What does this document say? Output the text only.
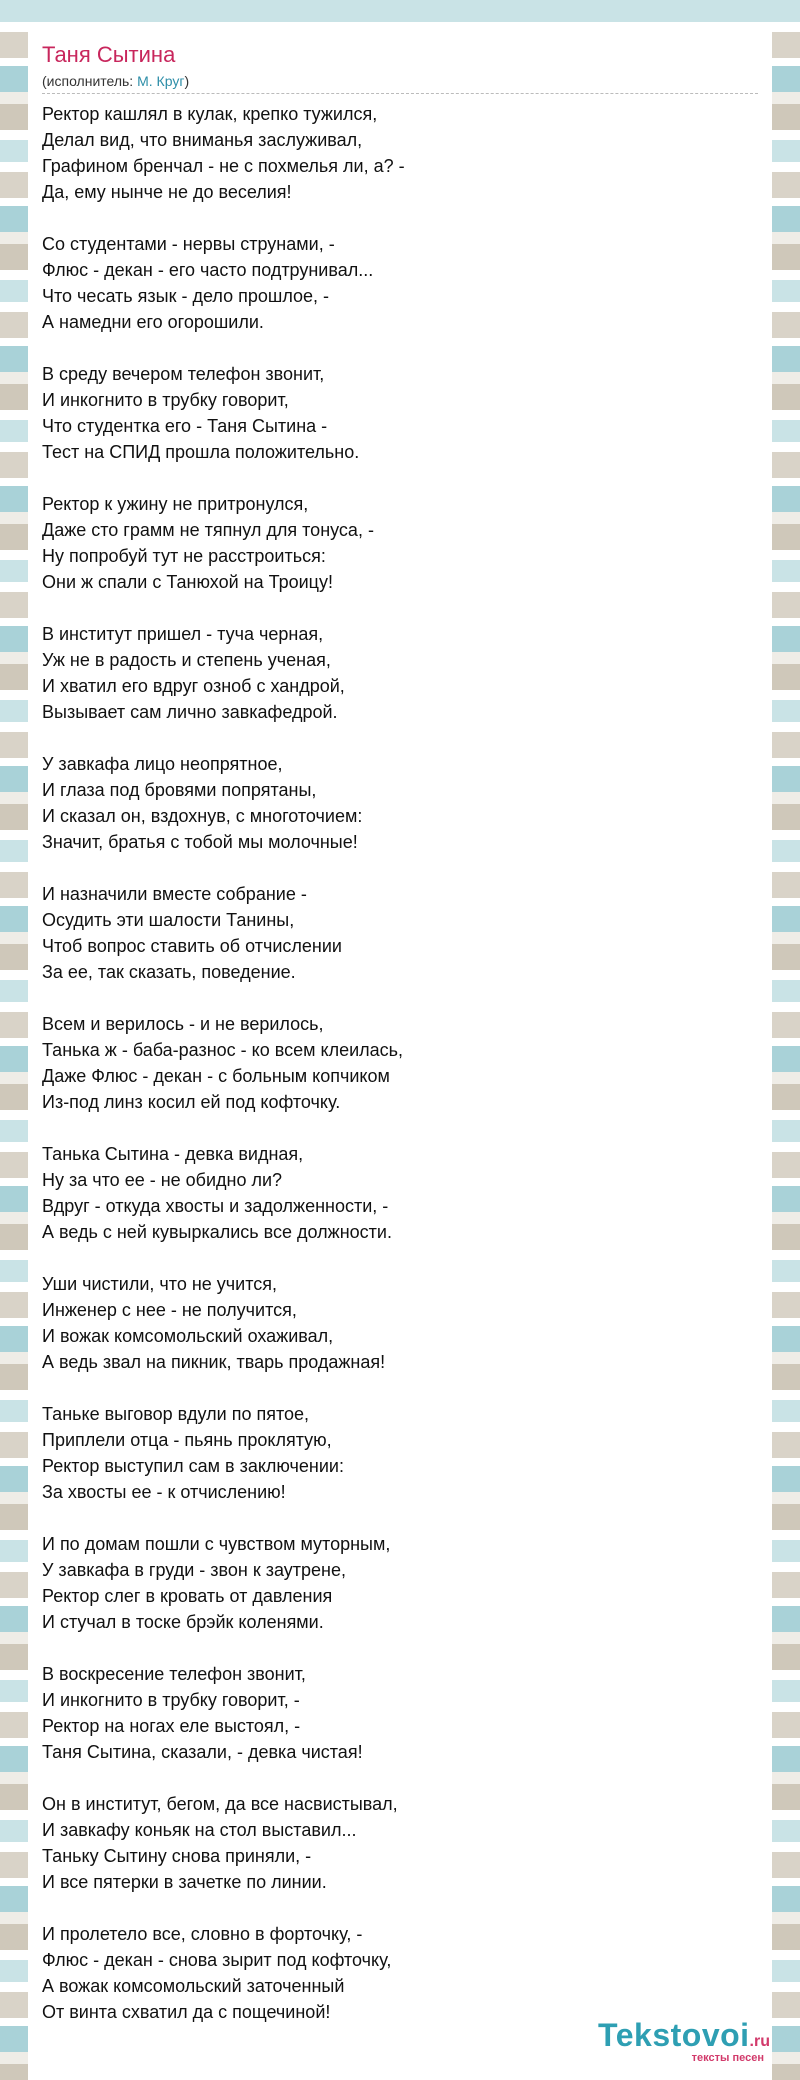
Таня Сытина
(исполнитель: М. Круг)
Ректор кашлял в кулак, крепко тужился,
Делал вид, что вниманья заслуживал,
Графином бренчал - не с похмелья ли, а? -
Да, ему нынче не до веселия!
Со студентами - нервы струнами, -
Флюс - декан - его часто подтрунивал...
Что чесать язык - дело прошлое, -
А намедни его огорошили.
В среду вечером телефон звонит,
И инкогнито в трубку говорит,
Что студентка его - Таня Сытина -
Тест на СПИД прошла положительно.
Ректор к ужину не притронулся,
Даже сто грамм не тяпнул для тонуса, -
Ну попробуй тут не расстроиться:
Они ж спали с Танюхой на Троицу!
В институт пришел - туча черная,
Уж не в радость и степень ученая,
И хватил его вдруг озноб с хандрой,
Вызывает сам лично завкафедрой.
У завкафа лицо неопрятное,
И глаза под бровями попрятаны,
И сказал он, вздохнув, с многоточием:
Значит, братья с тобой мы молочные!
И назначили вместе собрание -
Осудить эти шалости Танины,
Чтоб вопрос ставить об отчислении
За ее, так сказать, поведение.
Всем и верилось - и не верилось,
Танька ж - баба-разнос - ко всем клеилась,
Даже Флюс - декан - с больным копчиком
Из-под линз косил ей под кофточку.
Танька Сытина - девка видная,
Ну за что ее - не обидно ли?
Вдруг - откуда хвосты и задолженности, -
А ведь с ней кувыркались все должности.
Уши чистили, что не учится,
Инженер с нее - не получится,
И вожак комсомольский охаживал,
А ведь звал на пикник, тварь продажная!
Таньке выговор вдули по пятое,
Приплели отца - пьянь проклятую,
Ректор выступил сам в заключении:
За хвосты ее - к отчислению!
И по домам пошли с чувством муторным,
У завкафа в груди - звон к заутрене,
Ректор слег в кровать от давления
И стучал в тоске брэйк коленями.
В воскресение телефон звонит,
И инкогнито в трубку говорит, -
Ректор на ногах еле выстоял, -
Таня Сытина, сказали, - девка чистая!
Он в институт, бегом, да все насвистывал,
И завкафу коньяк на стол выставил...
Таньку Сытину снова приняли, -
И все пятерки в зачетке по линии.
И пролетело все, словно в форточку, -
Флюс - декан - снова зырит под кофточку,
А вожак комсомольский заточенный
От винта схватил да с пощечиной!
Tekstovoi.ru
тексты песен
